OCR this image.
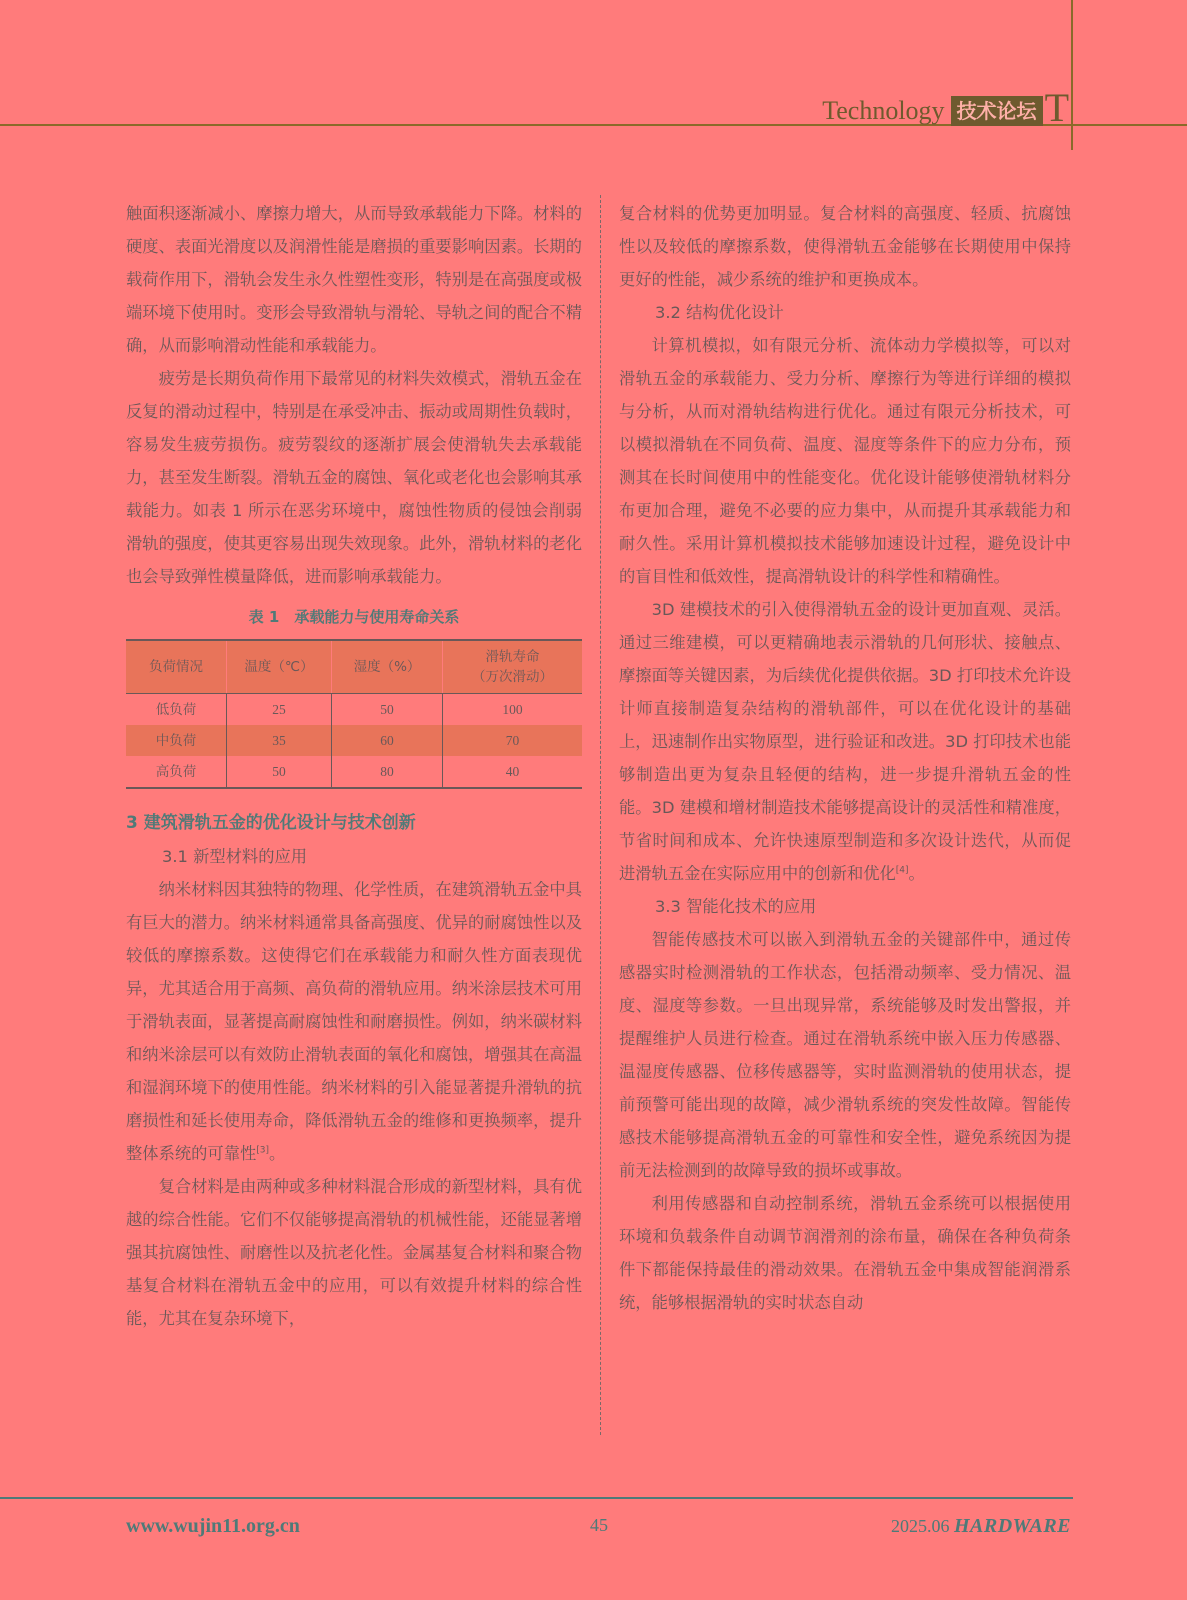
Technology 技术论坛 T

触面积逐渐减小、摩擦力增大，从而导致承载能力下降。材料的硬度、表面光滑度以及润滑性能是磨损的重要影响因素。长期的载荷作用下，滑轨会发生永久性塑性变形，特别是在高强度或极端环境下使用时。变形会导致滑轨与滑轮、导轨之间的配合不精确，从而影响滑动性能和承载能力。

疲劳是长期负荷作用下最常见的材料失效模式，滑轨五金在反复的滑动过程中，特别是在承受冲击、振动或周期性负载时，容易发生疲劳损伤。疲劳裂纹的逐渐扩展会使滑轨失去承载能力，甚至发生断裂。滑轨五金的腐蚀、氧化或老化也会影响其承载能力。如表 1 所示在恶劣环境中，腐蚀性物质的侵蚀会削弱滑轨的强度，使其更容易出现失效现象。此外，滑轨材料的老化也会导致弹性模量降低，进而影响承载能力。

表 1　承载能力与使用寿命关系
负荷情况	温度（℃）	湿度（%）	滑轨寿命
（万次滑动）

低负荷	25	50	100
中负荷	35	60	70
高负荷	50	80	40

3 建筑滑轨五金的优化设计与技术创新

3.1 新型材料的应用

纳米材料因其独特的物理、化学性质，在建筑滑轨五金中具有巨大的潜力。纳米材料通常具备高强度、优异的耐腐蚀性以及较低的摩擦系数。这使得它们在承载能力和耐久性方面表现优异，尤其适合用于高频、高负荷的滑轨应用。纳米涂层技术可用于滑轨表面，显著提高耐腐蚀性和耐磨损性。例如，纳米碳材料和纳米涂层可以有效防止滑轨表面的氧化和腐蚀，增强其在高温和湿润环境下的使用性能。纳米材料的引入能显著提升滑轨的抗磨损性和延长使用寿命，降低滑轨五金的维修和更换频率，提升整体系统的可靠性[3]。

复合材料是由两种或多种材料混合形成的新型材料，具有优越的综合性能。它们不仅能够提高滑轨的机械性能，还能显著增强其抗腐蚀性、耐磨性以及抗老化性。金属基复合材料和聚合物基复合材料在滑轨五金中的应用，可以有效提升材料的综合性能，尤其在复杂环境下，

复合材料的优势更加明显。复合材料的高强度、轻质、抗腐蚀性以及较低的摩擦系数，使得滑轨五金能够在长期使用中保持更好的性能，减少系统的维护和更换成本。

3.2 结构优化设计

计算机模拟，如有限元分析、流体动力学模拟等，可以对滑轨五金的承载能力、受力分析、摩擦行为等进行详细的模拟与分析，从而对滑轨结构进行优化。通过有限元分析技术，可以模拟滑轨在不同负荷、温度、湿度等条件下的应力分布，预测其在长时间使用中的性能变化。优化设计能够使滑轨材料分布更加合理，避免不必要的应力集中，从而提升其承载能力和耐久性。采用计算机模拟技术能够加速设计过程，避免设计中的盲目性和低效性，提高滑轨设计的科学性和精确性。

3D 建模技术的引入使得滑轨五金的设计更加直观、灵活。通过三维建模，可以更精确地表示滑轨的几何形状、接触点、摩擦面等关键因素，为后续优化提供依据。3D 打印技术允许设计师直接制造复杂结构的滑轨部件，可以在优化设计的基础上，迅速制作出实物原型，进行验证和改进。3D 打印技术也能够制造出更为复杂且轻便的结构，进一步提升滑轨五金的性能。3D 建模和增材制造技术能够提高设计的灵活性和精准度，节省时间和成本、允许快速原型制造和多次设计迭代，从而促进滑轨五金在实际应用中的创新和优化[4]。

3.3 智能化技术的应用

智能传感技术可以嵌入到滑轨五金的关键部件中，通过传感器实时检测滑轨的工作状态，包括滑动频率、受力情况、温度、湿度等参数。一旦出现异常，系统能够及时发出警报，并提醒维护人员进行检查。通过在滑轨系统中嵌入压力传感器、温湿度传感器、位移传感器等，实时监测滑轨的使用状态，提前预警可能出现的故障，减少滑轨系统的突发性故障。智能传感技术能够提高滑轨五金的可靠性和安全性，避免系统因为提前无法检测到的故障导致的损坏或事故。

利用传感器和自动控制系统，滑轨五金系统可以根据使用环境和负载条件自动调节润滑剂的涂布量，确保在各种负荷条件下都能保持最佳的滑动效果。在滑轨五金中集成智能润滑系统，能够根据滑轨的实时状态自动

www.wujin11.org.cn	45	2025.06 HARDWARE
